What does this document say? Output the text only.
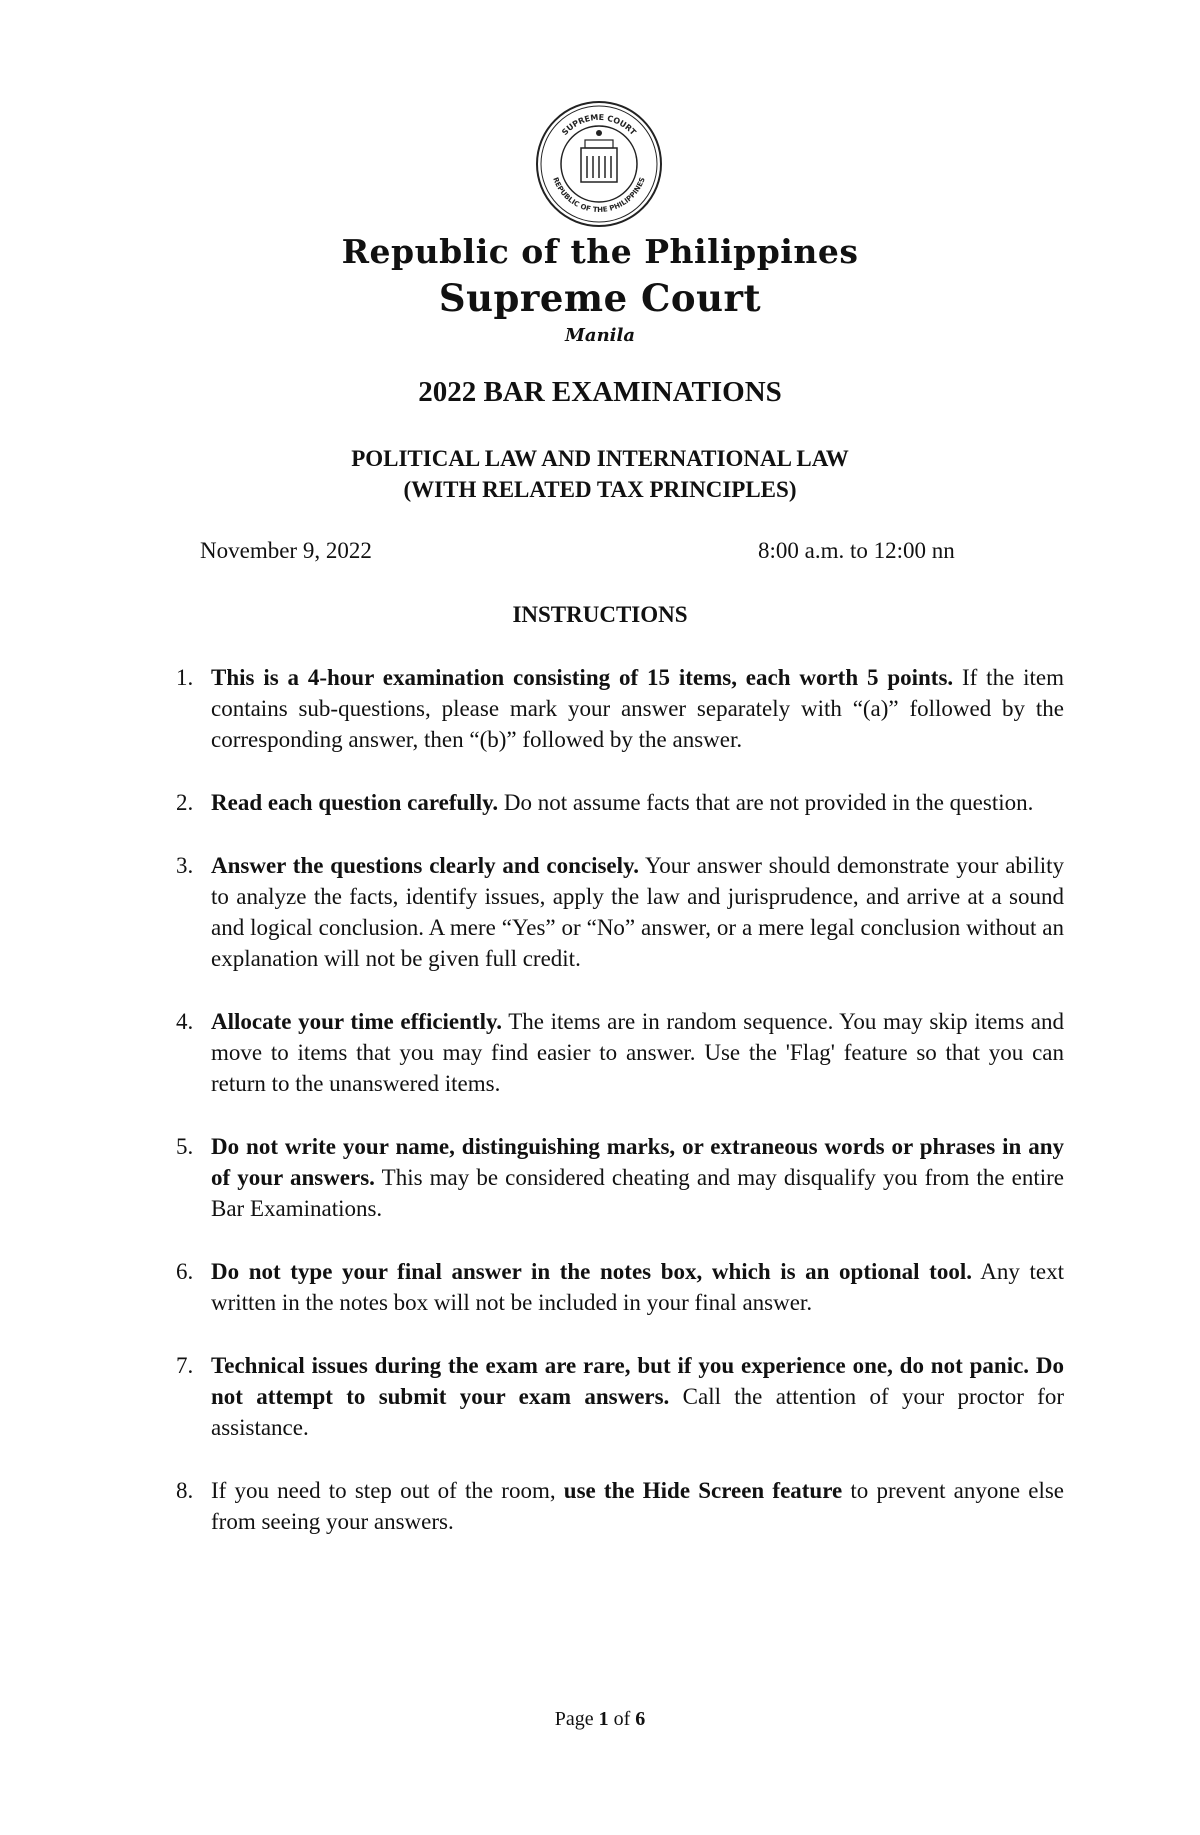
SUPREME COURT
REPUBLIC OF THE PHILIPPINES
Republic of the Philippines
Supreme Court
Manila
2022 BAR EXAMINATIONS
POLITICAL LAW AND INTERNATIONAL LAW
(WITH RELATED TAX PRINCIPLES)
November 9, 2022	8:00 a.m. to 12:00 nn
INSTRUCTIONS
1. This is a 4-hour examination consisting of 15 items, each worth 5 points. If the item contains sub-questions, please mark your answer separately with “(a)” followed by the corresponding answer, then “(b)” followed by the answer.
2. Read each question carefully. Do not assume facts that are not provided in the question.
3. Answer the questions clearly and concisely. Your answer should demonstrate your ability to analyze the facts, identify issues, apply the law and jurisprudence, and arrive at a sound and logical conclusion. A mere “Yes” or “No” answer, or a mere legal conclusion without an explanation will not be given full credit.
4. Allocate your time efficiently. The items are in random sequence. You may skip items and move to items that you may find easier to answer. Use the 'Flag' feature so that you can return to the unanswered items.
5. Do not write your name, distinguishing marks, or extraneous words or phrases in any of your answers. This may be considered cheating and may disqualify you from the entire Bar Examinations.
6. Do not type your final answer in the notes box, which is an optional tool. Any text written in the notes box will not be included in your final answer.
7. Technical issues during the exam are rare, but if you experience one, do not panic. Do not attempt to submit your exam answers. Call the attention of your proctor for assistance.
8. If you need to step out of the room, use the Hide Screen feature to prevent anyone else from seeing your answers.
Page 1 of 6
